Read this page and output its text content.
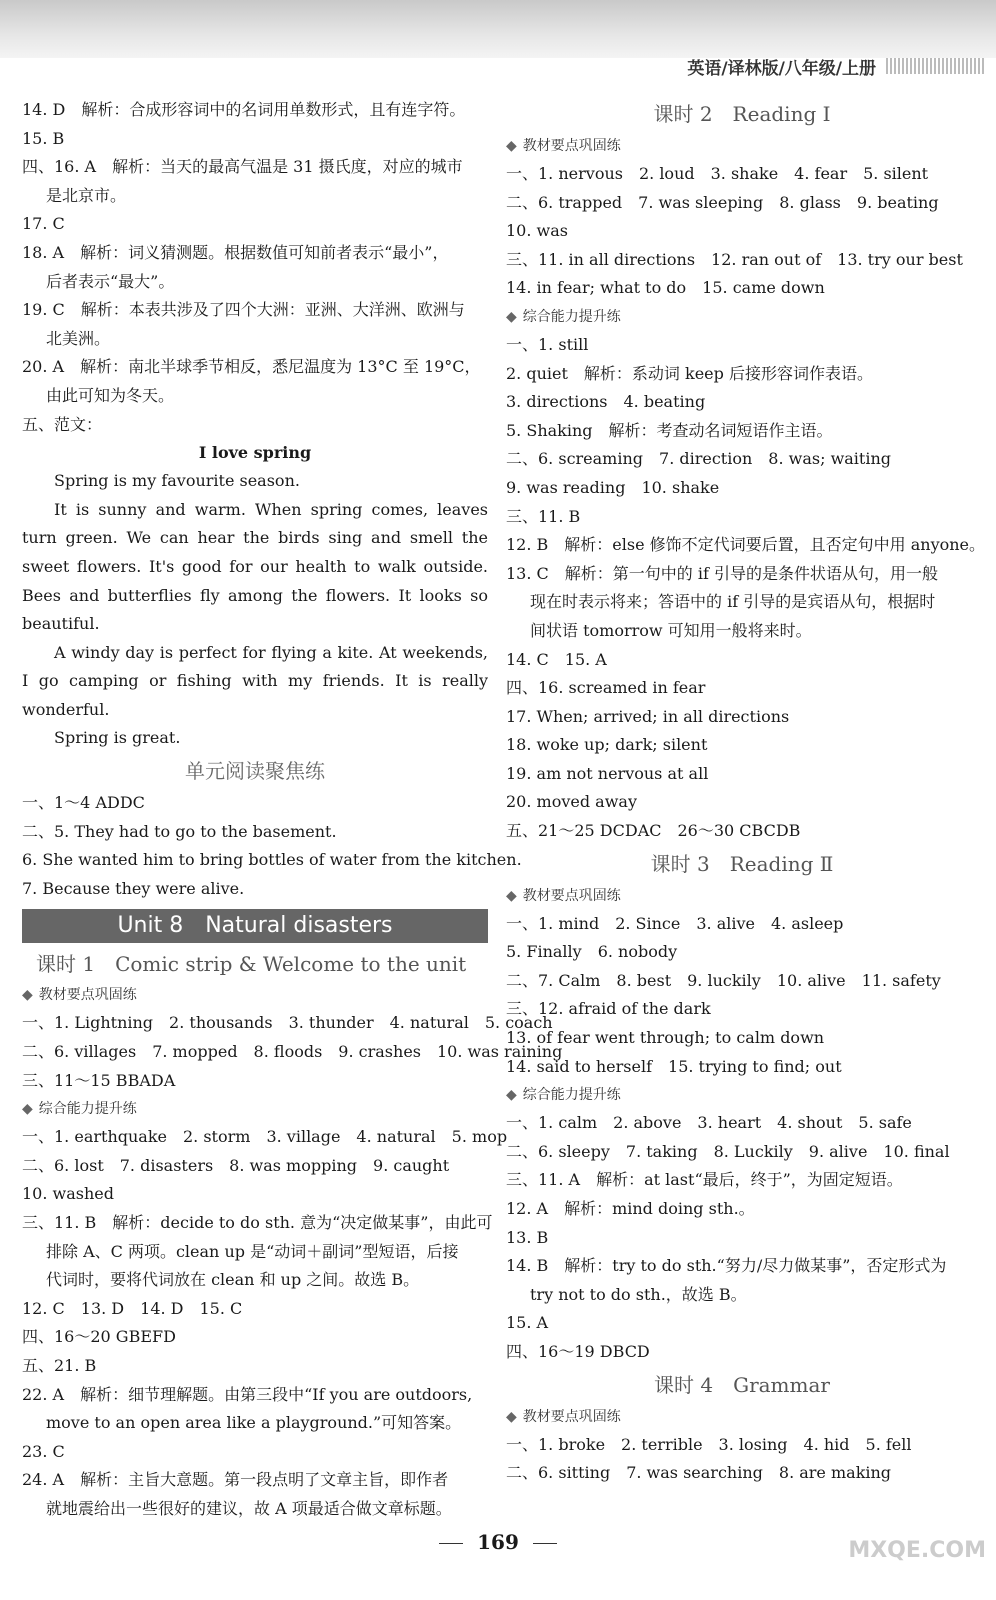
英语/译林版/八年级/上册
14. D　解析：合成形容词中的名词用单数形式，且有连字符。
15. B
四、16. A　解析：当天的最高气温是 31 摄氏度，对应的城市
是北京市。
17. C
18. A　解析：词义猜测题。根据数值可知前者表示“最小”，
后者表示“最大”。
19. C　解析：本表共涉及了四个大洲：亚洲、大洋洲、欧洲与
北美洲。
20. A　解析：南北半球季节相反，悉尼温度为 13°C 至 19°C，
由此可知为冬天。
五、范文：
I love spring
Spring is my favourite season.
It is sunny and warm. When spring comes, leaves turn green. We can hear the birds sing and smell the sweet flowers. It's good for our health to walk outside. Bees and butterflies fly among the flowers. It looks so beautiful.
A windy day is perfect for flying a kite. At weekends, I go camping or fishing with my friends. It is really wonderful.
Spring is great.
单元阅读聚焦练
一、1～4 ADDC
二、5. They had to go to the basement.
6. She wanted him to bring bottles of water from the kitchen.
7. Because they were alive.
Unit 8　Natural disasters
课时 1　Comic strip & Welcome to the unit
◆ 教材要点巩固练
一、1. Lightning　2. thousands　3. thunder　4. natural　5. coach
二、6. villages　7. mopped　8. floods　9. crashes　10. was raining
三、11～15 BBADA
◆ 综合能力提升练
一、1. earthquake　2. storm　3. village　4. natural　5. mop
二、6. lost　7. disasters　8. was mopping　9. caught
10. washed
三、11. B　解析：decide to do sth. 意为“决定做某事”，由此可
排除 A、C 两项。clean up 是“动词＋副词”型短语，后接
代词时，要将代词放在 clean 和 up 之间。故选 B。
12. C　13. D　14. D　15. C
四、16～20 GBEFD
五、21. B
22. A　解析：细节理解题。由第三段中“If you are outdoors,
move to an open area like a playground.”可知答案。
23. C
24. A　解析：主旨大意题。第一段点明了文章主旨，即作者
就地震给出一些很好的建议，故 A 项最适合做文章标题。
课时 2　Reading Ⅰ
◆ 教材要点巩固练
一、1. nervous　2. loud　3. shake　4. fear　5. silent
二、6. trapped　7. was sleeping　8. glass　9. beating
10. was
三、11. in all directions　12. ran out of　13. try our best
14. in fear; what to do　15. came down
◆ 综合能力提升练
一、1. still
2. quiet　解析：系动词 keep 后接形容词作表语。
3. directions　4. beating
5. Shaking　解析：考查动名词短语作主语。
二、6. screaming　7. direction　8. was; waiting
9. was reading　10. shake
三、11. B
12. B　解析：else 修饰不定代词要后置，且否定句中用 anyone。
13. C　解析：第一句中的 if 引导的是条件状语从句，用一般
现在时表示将来；答语中的 if 引导的是宾语从句，根据时
间状语 tomorrow 可知用一般将来时。
14. C　15. A
四、16. screamed in fear
17. When; arrived; in all directions
18. woke up; dark; silent
19. am not nervous at all
20. moved away
五、21～25 DCDAC　26～30 CBCDB
课时 3　Reading Ⅱ
◆ 教材要点巩固练
一、1. mind　2. Since　3. alive　4. asleep
5. Finally　6. nobody
二、7. Calm　8. best　9. luckily　10. alive　11. safety
三、12. afraid of the dark
13. of fear went through; to calm down
14. said to herself　15. trying to find; out
◆ 综合能力提升练
一、1. calm　2. above　3. heart　4. shout　5. safe
二、6. sleepy　7. taking　8. Luckily　9. alive　10. final
三、11. A　解析：at last“最后，终于”，为固定短语。
12. A　解析：mind doing sth.。
13. B
14. B　解析：try to do sth.“努力/尽力做某事”，否定形式为
try not to do sth.，故选 B。
15. A
四、16～19 DBCD
课时 4　Grammar
◆ 教材要点巩固练
一、1. broke　2. terrible　3. losing　4. hid　5. fell
二、6. sitting　7. was searching　8. are making
169	MXQE.COM
